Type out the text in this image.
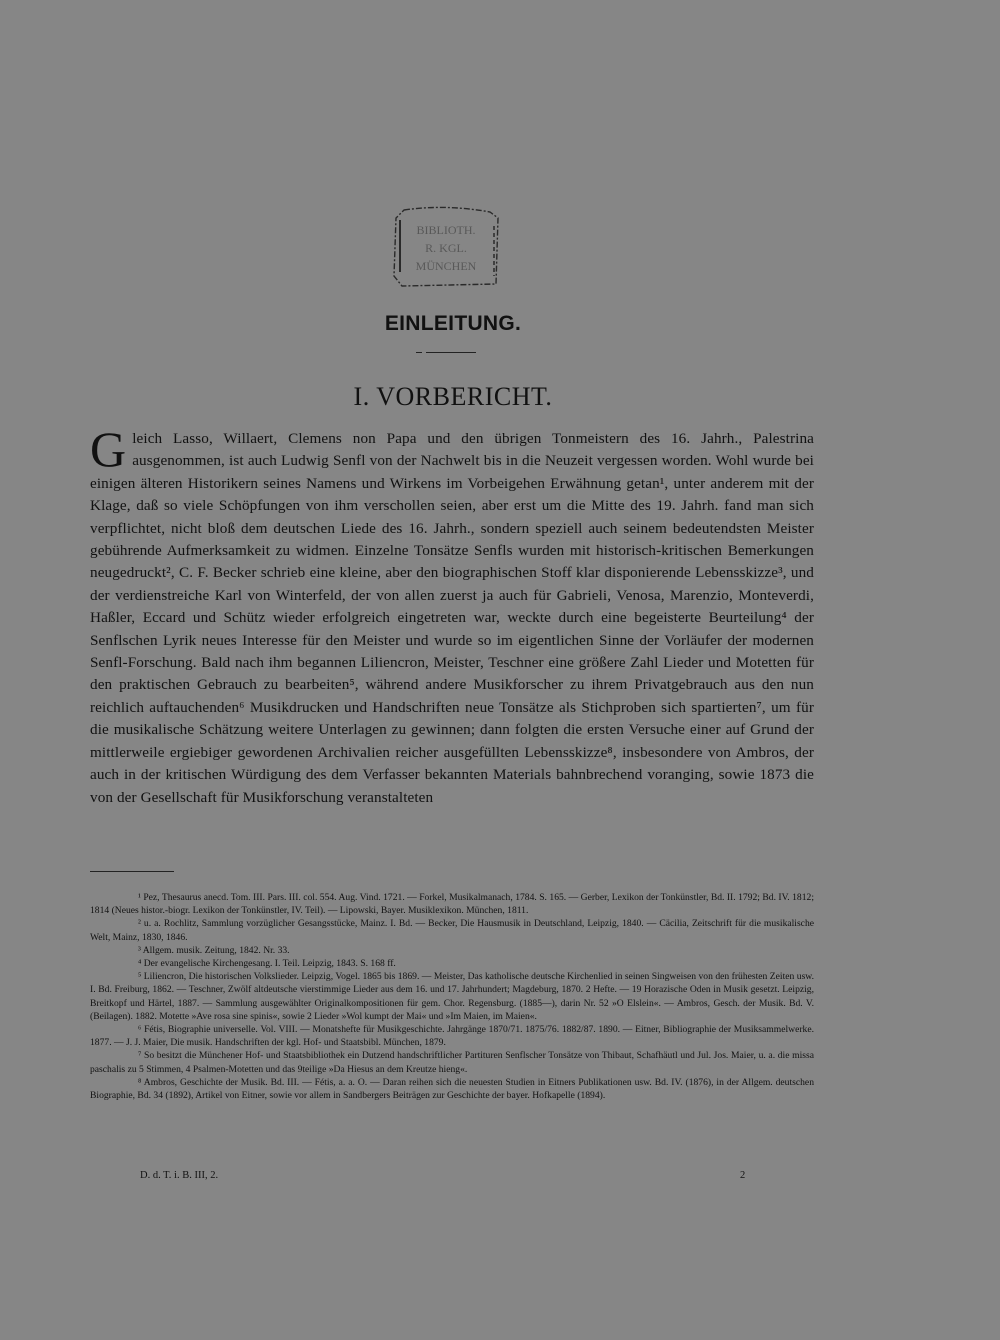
BIBLIOTH.
R. KGL.
MÜNCHEN
EINLEITUNG.
I. VORBERICHT.
G leich Lasso, Willaert, Clemens non Papa und den übrigen Tonmeistern des 16. Jahrh., Palestrina ausgenommen, ist auch Ludwig Senfl von der Nachwelt bis in die Neuzeit vergessen worden. Wohl wurde bei einigen älteren Historikern seines Namens und Wirkens im Vorbeigehen Erwähnung getan¹, unter anderem mit der Klage, daß so viele Schöpfungen von ihm verschollen seien, aber erst um die Mitte des 19. Jahrh. fand man sich verpflichtet, nicht bloß dem deutschen Liede des 16. Jahrh., sondern speziell auch seinem bedeutendsten Meister gebührende Aufmerksamkeit zu widmen. Einzelne Tonsätze Senfls wurden mit historisch-kritischen Bemerkungen neugedruckt², C. F. Becker schrieb eine kleine, aber den biographischen Stoff klar disponierende Lebensskizze³, und der verdienstreiche Karl von Winterfeld, der von allen zuerst ja auch für Gabrieli, Venosa, Marenzio, Monteverdi, Haßler, Eccard und Schütz wieder erfolgreich eingetreten war, weckte durch eine begeisterte Beurteilung⁴ der Senflschen Lyrik neues Interesse für den Meister und wurde so im eigentlichen Sinne der Vorläufer der modernen Senfl-Forschung. Bald nach ihm begannen Liliencron, Meister, Teschner eine größere Zahl Lieder und Motetten für den praktischen Gebrauch zu bearbeiten⁵, während andere Musikforscher zu ihrem Privatgebrauch aus den nun reichlich auftauchenden⁶ Musikdrucken und Handschriften neue Tonsätze als Stichproben sich spartierten⁷, um für die musikalische Schätzung weitere Unterlagen zu gewinnen; dann folgten die ersten Versuche einer auf Grund der mittlerweile ergiebiger gewordenen Archivalien reicher ausgefüllten Lebensskizze⁸, insbesondere von Ambros, der auch in der kritischen Würdigung des dem Verfasser bekannten Materials bahnbrechend voranging, sowie 1873 die von der Gesellschaft für Musikforschung veranstalteten

¹ Pez, Thesaurus anecd. Tom. III. Pars. III. col. 554. Aug. Vind. 1721. — Forkel, Musikalmanach, 1784. S. 165. — Gerber, Lexikon der Tonkünstler, Bd. II. 1792; Bd. IV. 1812; 1814 (Neues histor.-biogr. Lexikon der Tonkünstler, IV. Teil). — Lipowski, Bayer. Musiklexikon. München, 1811.

² u. a. Rochlitz, Sammlung vorzüglicher Gesangsstücke, Mainz. I. Bd. — Becker, Die Hausmusik in Deutschland, Leipzig, 1840. — Cäcilia, Zeitschrift für die musikalische Welt, Mainz, 1830, 1846.

³ Allgem. musik. Zeitung, 1842. Nr. 33.

⁴ Der evangelische Kirchengesang. I. Teil. Leipzig, 1843. S. 168 ff.

⁵ Liliencron, Die historischen Volkslieder. Leipzig, Vogel. 1865 bis 1869. — Meister, Das katholische deutsche Kirchenlied in seinen Singweisen von den frühesten Zeiten usw. I. Bd. Freiburg, 1862. — Teschner, Zwölf altdeutsche vierstimmige Lieder aus dem 16. und 17. Jahrhundert; Magdeburg, 1870. 2 Hefte. — 19 Horazische Oden in Musik gesetzt. Leipzig, Breitkopf und Härtel, 1887. — Sammlung ausgewählter Originalkompositionen für gem. Chor. Regensburg. (1885—), darin Nr. 52 »O Elslein«. — Ambros, Gesch. der Musik. Bd. V. (Beilagen). 1882. Motette »Ave rosa sine spinis«, sowie 2 Lieder »Wol kumpt der Mai« und »Im Maien, im Maien«.

⁶ Fétis, Biographie universelle. Vol. VIII. — Monatshefte für Musikgeschichte. Jahrgänge 1870/71. 1875/76. 1882/87. 1890. — Eitner, Bibliographie der Musiksammelwerke. 1877. — J. J. Maier, Die musik. Handschriften der kgl. Hof- und Staatsbibl. München, 1879.

⁷ So besitzt die Münchener Hof- und Staatsbibliothek ein Dutzend handschriftlicher Partituren Senflscher Tonsätze von Thibaut, Schafhäutl und Jul. Jos. Maier, u. a. die missa paschalis zu 5 Stimmen, 4 Psalmen-Motetten und das 9teilige »Da Hiesus an dem Kreutze hieng«.

⁸ Ambros, Geschichte der Musik. Bd. III. — Fétis, a. a. O. — Daran reihen sich die neuesten Studien in Eitners Publikationen usw. Bd. IV. (1876), in der Allgem. deutschen Biographie, Bd. 34 (1892), Artikel von Eitner, sowie vor allem in Sandbergers Beiträgen zur Geschichte der bayer. Hofkapelle (1894).

D. d. T. i. B. III, 2.	2
